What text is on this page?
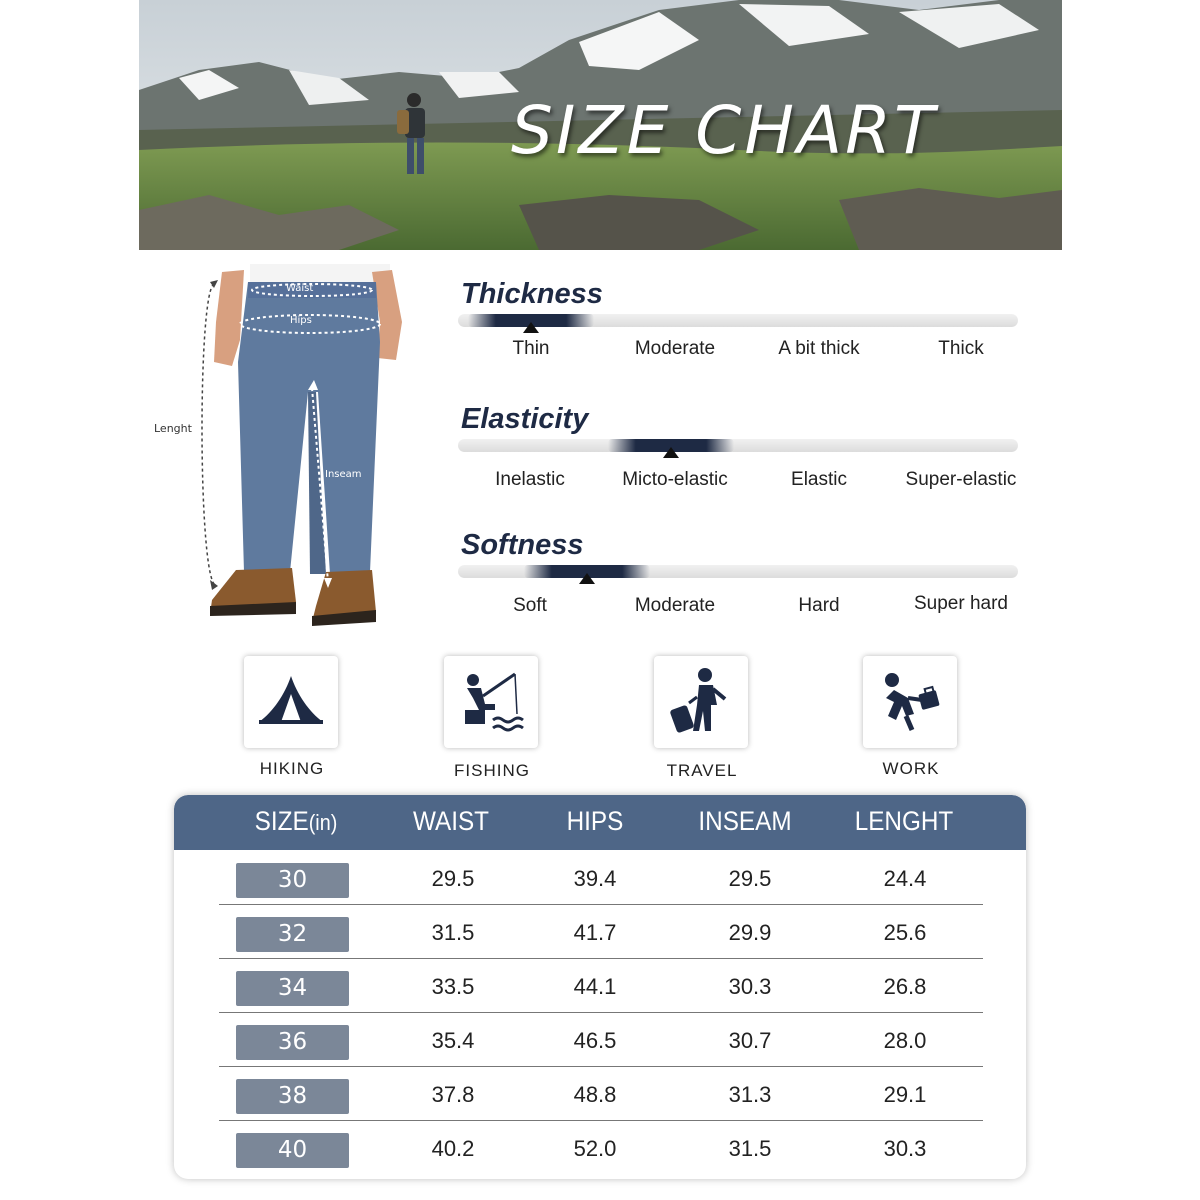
SIZE CHART
Waist
Hips
Inseam
Lenght
Thickness
Thin	Moderate	A bit thick	Thick
Elasticity
Inelastic	Micto-elastic	Elastic	Super-elastic
Softness
Soft	Moderate	Hard	Super hard
HIKING	FISHING	TRAVEL	WORK
SIZE(in)	WAIST	HIPS	INSEAM	LENGHT
30	29.5	39.4	29.5	24.4
32	31.5	41.7	29.9	25.6
34	33.5	44.1	30.3	26.8
36	35.4	46.5	30.7	28.0
38	37.8	48.8	31.3	29.1
40	40.2	52.0	31.5	30.3
